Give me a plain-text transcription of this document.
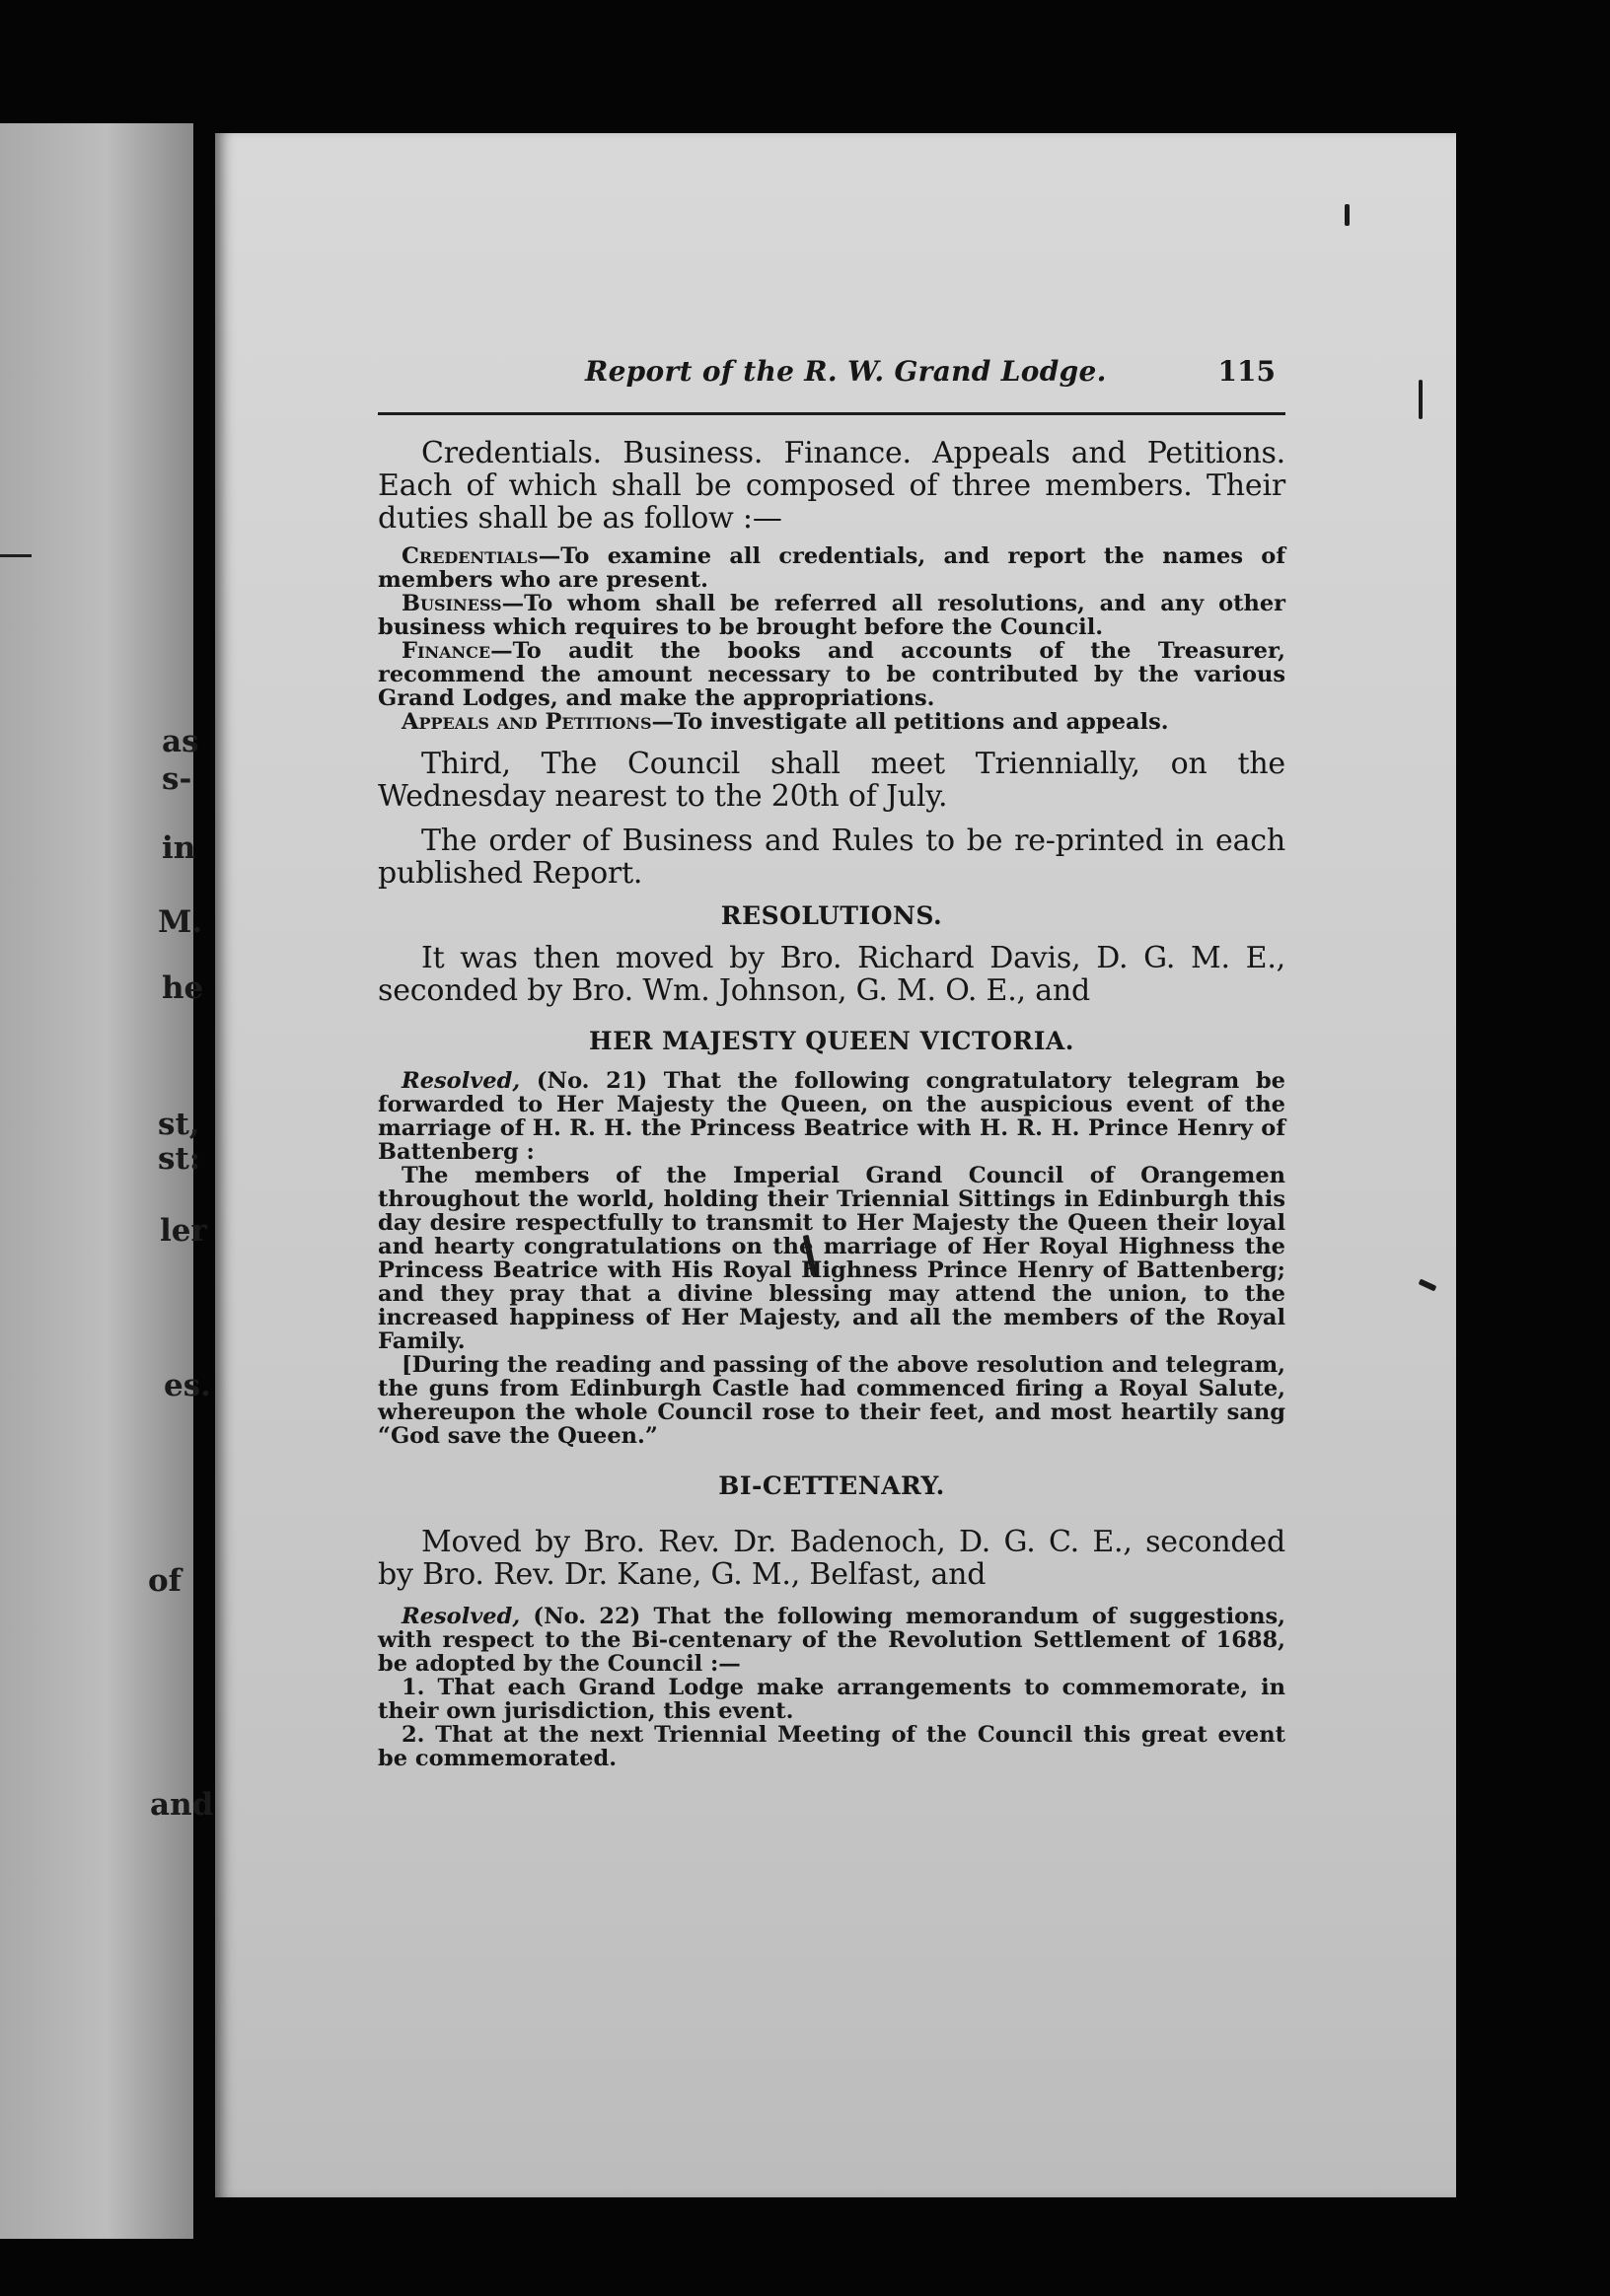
as
s-
in
M.
he
st,
st:
ler
es.
of
and
Report of the R. W. Grand Lodge.	115

Credentials. Business. Finance. Appeals and Petitions. Each of which shall be composed of three members. Their duties shall be as follow :—

Credentials—To examine all credentials, and report the names of members who are present.

Business—To whom shall be referred all resolutions, and any other business which requires to be brought before the Council.

Finance—To audit the books and accounts of the Treasurer, recommend the amount necessary to be contributed by the various Grand Lodges, and make the appropriations.

Appeals and Petitions—To investigate all petitions and appeals.

Third, The Council shall meet Triennially, on the Wednesday nearest to the 20th of July.

The order of Business and Rules to be re-printed in each published Report.

RESOLUTIONS.

It was then moved by Bro. Richard Davis, D. G. M. E., seconded by Bro. Wm. Johnson, G. M. O. E., and

HER MAJESTY QUEEN VICTORIA.

Resolved, (No. 21) That the following congratulatory telegram be forwarded to Her Majesty the Queen, on the auspicious event of the marriage of H. R. H. the Princess Beatrice with H. R. H. Prince Henry of Battenberg :

The members of the Imperial Grand Council of Orangemen throughout the world, holding their Triennial Sittings in Edinburgh this day desire respectfully to transmit to Her Majesty the Queen their loyal and hearty congratulations on the marriage of Her Royal Highness the Princess Beatrice with His Royal Highness Prince Henry of Battenberg; and they pray that a divine blessing may attend the union, to the increased happiness of Her Majesty, and all the members of the Royal Family.

[During the reading and passing of the above resolution and telegram, the guns from Edinburgh Castle had commenced firing a Royal Salute, whereupon the whole Council rose to their feet, and most heartily sang “God save the Queen.”

BI-CETTENARY.

Moved by Bro. Rev. Dr. Badenoch, D. G. C. E., seconded by Bro. Rev. Dr. Kane, G. M., Belfast, and

Resolved, (No. 22) That the following memorandum of suggestions, with respect to the Bi-centenary of the Revolution Settlement of 1688, be adopted by the Council :—

1. That each Grand Lodge make arrangements to commemorate, in their own jurisdiction, this event.

2. That at the next Triennial Meeting of the Council this great event be commemorated.
